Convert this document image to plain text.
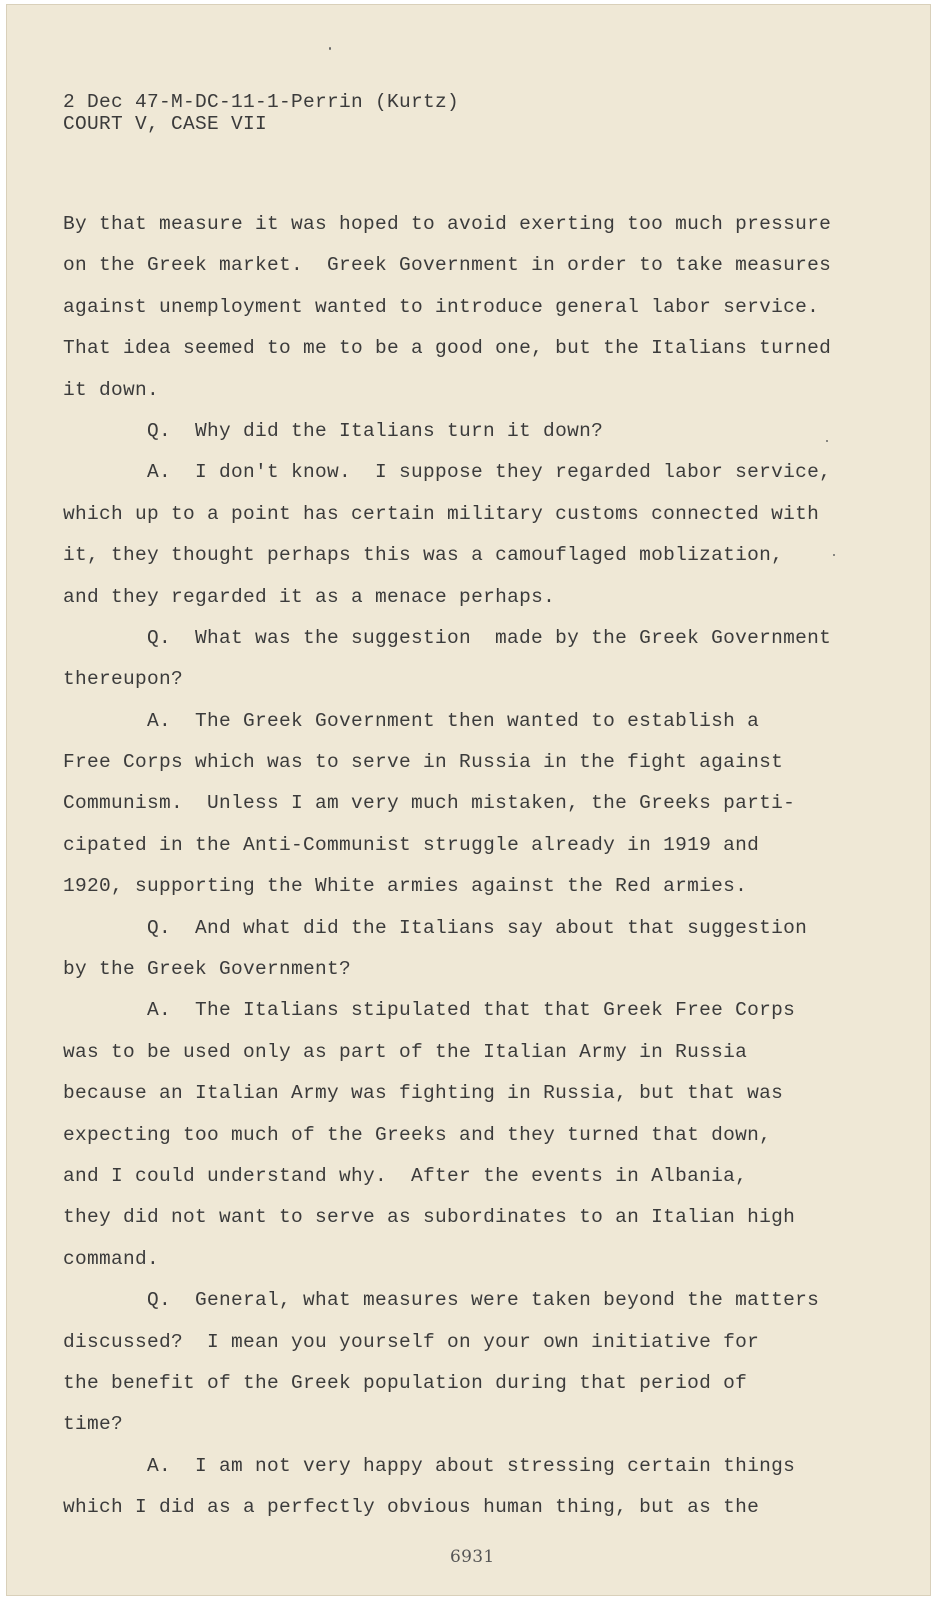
2 Dec 47-M-DC-11-1-Perrin (Kurtz)
COURT V, CASE VII
By that measure it was hoped to avoid exerting too much pressure
on the Greek market.  Greek Government in order to take measures
against unemployment wanted to introduce general labor service.
That idea seemed to me to be a good one, but the Italians turned
it down.
Q.  Why did the Italians turn it down?
A.  I don't know.  I suppose they regarded labor service,
which up to a point has certain military customs connected with
it, they thought perhaps this was a camouflaged moblization,
and they regarded it as a menace perhaps.
Q.  What was the suggestion  made by the Greek Government
thereupon?
A.  The Greek Government then wanted to establish a
Free Corps which was to serve in Russia in the fight against
Communism.  Unless I am very much mistaken, the Greeks parti-
cipated in the Anti-Communist struggle already in 1919 and
1920, supporting the White armies against the Red armies.
Q.  And what did the Italians say about that suggestion
by the Greek Government?
A.  The Italians stipulated that that Greek Free Corps
was to be used only as part of the Italian Army in Russia
because an Italian Army was fighting in Russia, but that was
expecting too much of the Greeks and they turned that down,
and I could understand why.  After the events in Albania,
they did not want to serve as subordinates to an Italian high
command.
Q.  General, what measures were taken beyond the matters
discussed?  I mean you yourself on your own initiative for
the benefit of the Greek population during that period of
time?
A.  I am not very happy about stressing certain things
which I did as a perfectly obvious human thing, but as the
6931
